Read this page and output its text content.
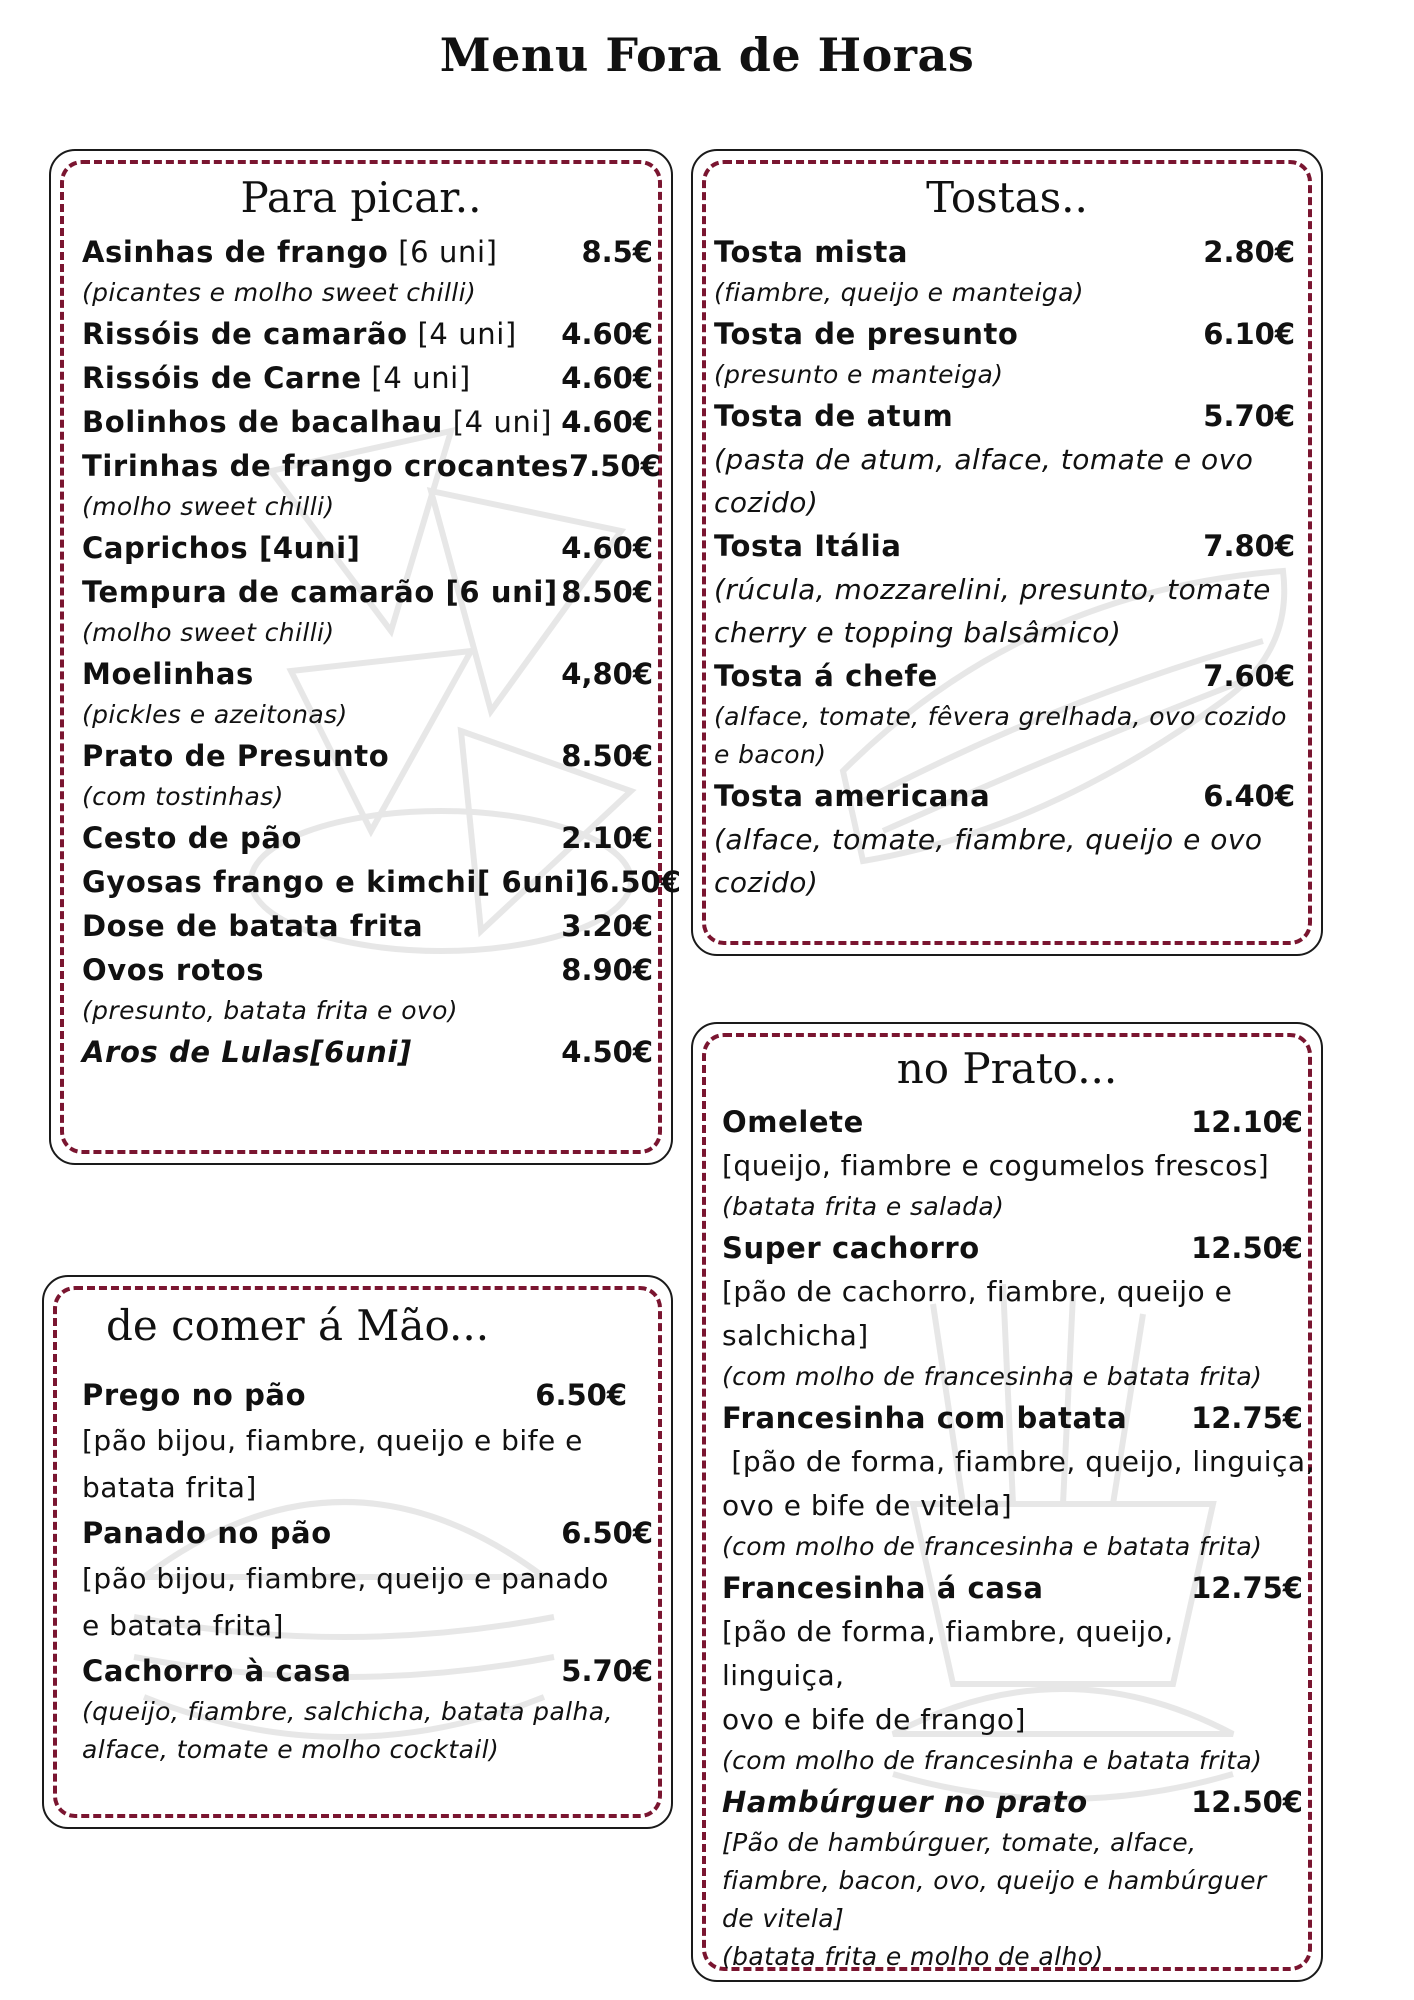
Menu Fora de Horas
Para picar..
Asinhas de frango [6 uni]	8.5€
(picantes e molho sweet chilli)
Rissóis de camarão [4 uni] 4.60€
Rissóis de Carne [4 uni]	4.60€
Bolinhos de bacalhau [4 uni] 4.60€
Tirinhas de frango crocantes 7.50€
(molho sweet chilli)
Caprichos [4uni]	4.60€
Tempura de camarão [6 uni] 8.50€
(molho sweet chilli)
Moelinhas	4,80€
(pickles e azeitonas)
Prato de Presunto	8.50€
(com tostinhas)
Cesto de pão	2.10€
Gyosas frango e kimchi[ 6uni] 6.50€
Dose de batata frita	3.20€
Ovos rotos	8.90€
(presunto, batata frita e ovo)
Aros de Lulas[6uni]	4.50€
Tostas..
Tosta mista	2.80€
(fiambre, queijo e manteiga)
Tosta de presunto	6.10€
(presunto e manteiga)
Tosta de atum	5.70€
(pasta de atum, alface, tomate e ovo
cozido)
Tosta Itália	7.80€
(rúcula, mozzarelini, presunto, tomate
cherry e topping balsâmico)
Tosta á chefe	7.60€
(alface, tomate, fêvera grelhada, ovo cozido
e bacon)
Tosta americana	6.40€
(alface, tomate, fiambre, queijo e ovo
cozido)
de comer á Mão...
Prego no pão	6.50€
[pão bijou, fiambre, queijo e bife e
batata frita]
Panado no pão	6.50€
[pão bijou, fiambre, queijo e panado
e batata frita]
Cachorro à casa	5.70€
(queijo, fiambre, salchicha, batata palha,
alface, tomate e molho cocktail)
no Prato...
Omelete	12.10€
[queijo, fiambre e cogumelos frescos]
(batata frita e salada)
Super cachorro	12.50€
[pão de cachorro, fiambre, queijo e
salchicha]
(com molho de francesinha e batata frita)
Francesinha com batata 12.75€
[pão de forma, fiambre, queijo, linguiça,
ovo e bife de vitela]
(com molho de francesinha e batata frita)
Francesinha á casa	12.75€
[pão de forma, fiambre, queijo, linguiça,
ovo e bife de frango]
(com molho de francesinha e batata frita)
Hambúrguer no prato	12.50€
[Pão de hambúrguer, tomate, alface,
fiambre, bacon, ovo, queijo e hambúrguer
de vitela]
(batata frita e molho de alho)
